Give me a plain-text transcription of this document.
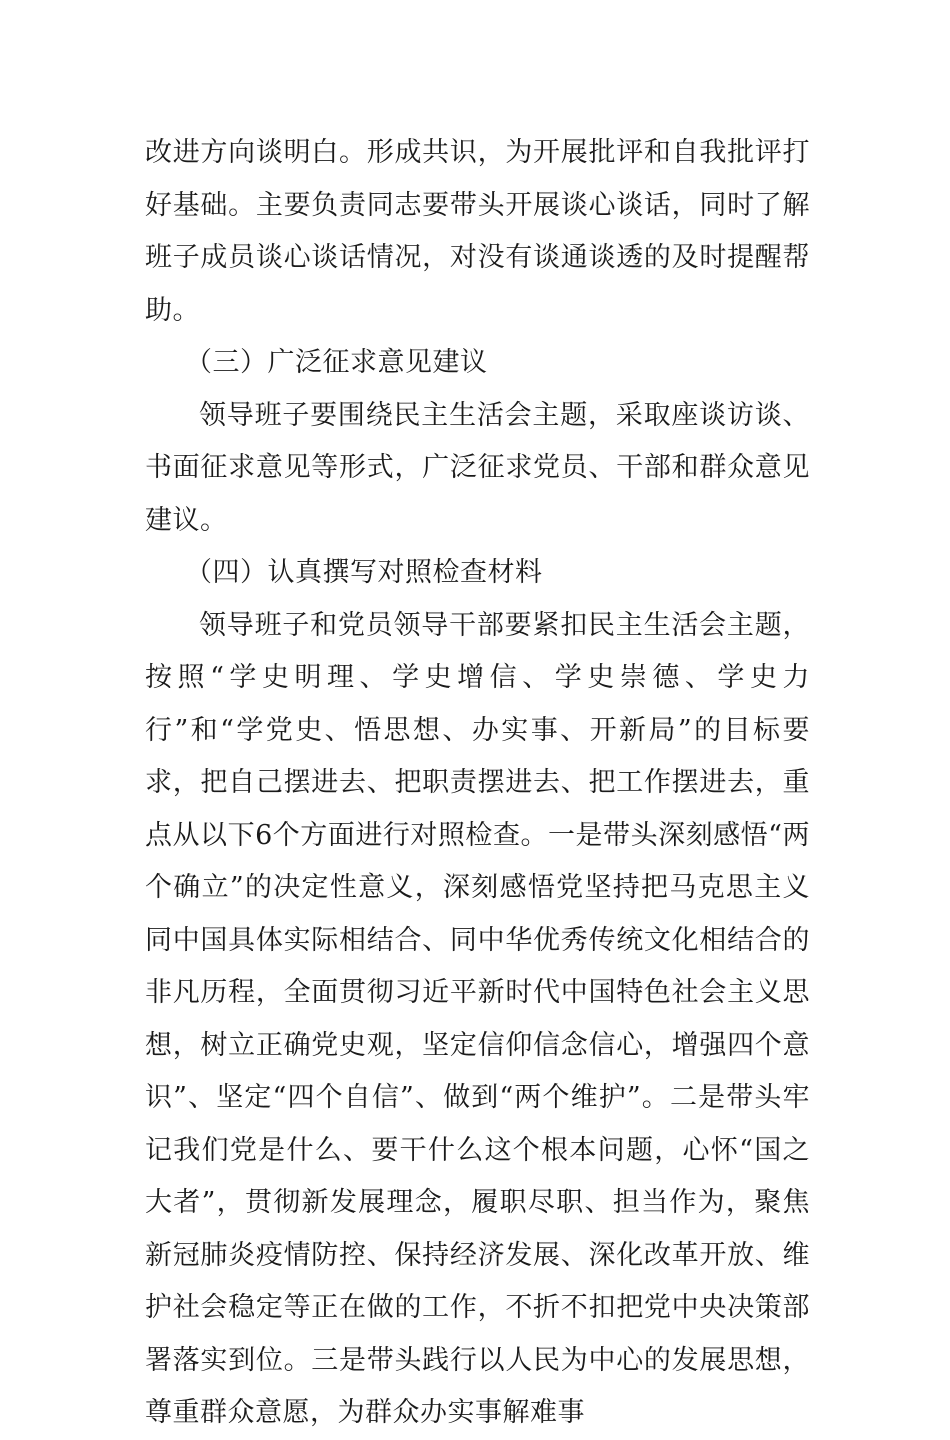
改进方向谈明白。形成共识，为开展批评和自我批评打好基础。主要负责同志要带头开展谈心谈话，同时了解班子成员谈心谈话情况，对没有谈通谈透的及时提醒帮助。

（三）广泛征求意见建议

领导班子要围绕民主生活会主题，采取座谈访谈、书面征求意见等形式，广泛征求党员、干部和群众意见建议。

（四）认真撰写对照检查材料

领导班子和党员领导干部要紧扣民主生活会主题，按照“学史明理、学史增信、学史崇德、学史力行”和“学党史、悟思想、办实事、开新局”的目标要求，把自己摆进去、把职责摆进去、把工作摆进去，重点从以下6个方面进行对照检查。一是带头深刻感悟“两个确立”的决定性意义，深刻感悟党坚持把马克思主义同中国具体实际相结合、同中华优秀传统文化相结合的非凡历程，全面贯彻习近平新时代中国特色社会主义思想，树立正确党史观，坚定信仰信念信心，增强四个意识”、坚定“四个自信”、做到“两个维护”。二是带头牢记我们党是什么、要干什么这个根本问题，心怀“国之大者”，贯彻新发展理念，履职尽职、担当作为，聚焦新冠肺炎疫情防控、保持经济发展、深化改革开放、维护社会稳定等正在做的工作，不折不扣把党中央决策部署落实到位。三是带头践行以人民为中心的发展思想，尊重群众意愿，为群众办实事解难事
